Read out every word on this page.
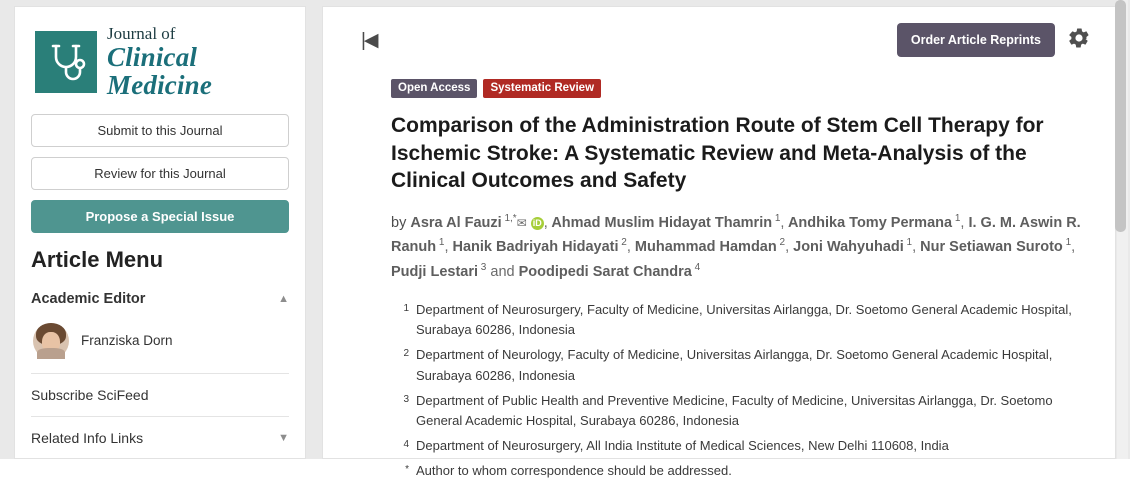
Journal of
Clinical Medicine
Submit to this Journal
Review for this Journal
Propose a Special Issue
Article Menu
Academic Editor	▲
Franziska Dorn
Subscribe SciFeed
Related Info Links	▼
|◀	Order Article Reprints
Open Access	Systematic Review
Comparison of the Administration Route of Stem Cell Therapy for Ischemic Stroke: A Systematic Review and Meta-Analysis of the Clinical Outcomes and Safety
by Asra Al Fauzi $^{1,*}$✉ iD , Ahmad Muslim Hidayat Thamrin $^1$, Andhika Tomy Permana $^1$, I. G. M. Aswin R. Ranuh $^1$, Hanik Badriyah Hidayati $^2$, Muhammad Hamdan $^2$, Joni Wahyuhadi $^1$, Nur Setiawan Suroto $^1$, Pudji Lestari $^3$ and Poodipedi Sarat Chandra $^4$
1 Department of Neurosurgery, Faculty of Medicine, Universitas Airlangga, Dr. Soetomo General Academic Hospital, Surabaya 60286, Indonesia
2 Department of Neurology, Faculty of Medicine, Universitas Airlangga, Dr. Soetomo General Academic Hospital, Surabaya 60286, Indonesia
3 Department of Public Health and Preventive Medicine, Faculty of Medicine, Universitas Airlangga, Dr. Soetomo General Academic Hospital, Surabaya 60286, Indonesia
4 Department of Neurosurgery, All India Institute of Medical Sciences, New Delhi 110608, India
* Author to whom correspondence should be addressed.
